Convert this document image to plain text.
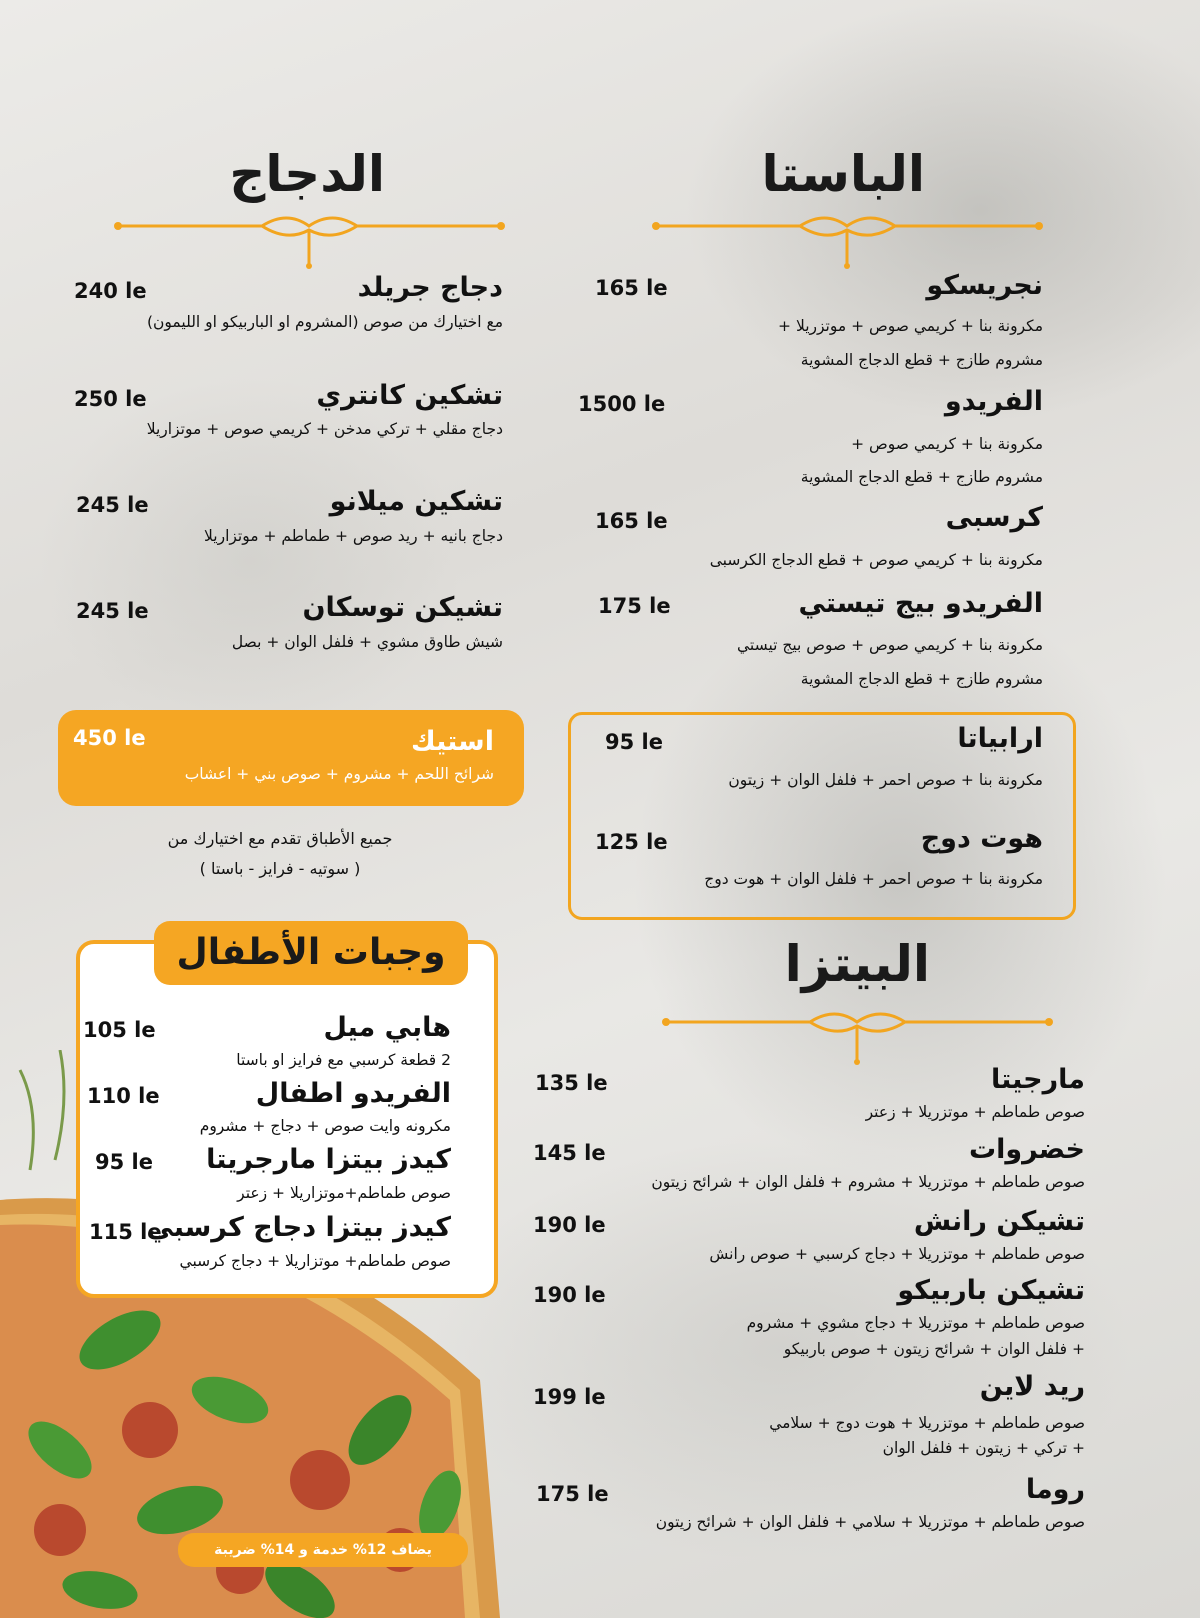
الباستا
نجريسكو
165 le
مكرونة بنا + كريمي صوص + موتزريلا +
مشروم طازج + قطع الدجاج المشوية
الفريدو
1500 le
مكرونة بنا + كريمي صوص +
مشروم طازج + قطع الدجاج المشوية
كرسبى
165 le
مكرونة بنا + كريمي صوص + قطع الدجاج الكرسبى
الفريدو بيج تيستي
175 le
مكرونة بنا + كريمي صوص + صوص بيج تيستي
مشروم طازج + قطع الدجاج المشوية
ارابياتا
95 le
مكرونة بنا + صوص احمر + فلفل الوان + زيتون
هوت دوج
125 le
مكرونة بنا + صوص احمر + فلفل الوان + هوت دوج
الدجاج
دجاج جريلد
240 le
مع اختيارك من صوص (المشروم او الباربيكو او الليمون)
تشكين كانتري
250 le
دجاج مقلي + تركي مدخن + كريمي صوص + موتزاريلا
تشكين ميلانو
245 le
دجاج بانيه + ريد صوص + طماطم + موتزاريلا
تشيكن توسكان
245 le
شيش طاوق مشوي + فلفل الوان + بصل
استيك
450 le
شرائح اللحم + مشروم + صوص بني + اعشاب
جميع الأطباق تقدم مع اختيارك من
( سوتيه - فرايز - باستا )
وجبات الأطفال
هابي ميل
105 le
2 قطعة كرسبي مع فرايز او باستا
الفريدو اطفال
110 le
مكرونه وايت صوص + دجاج + مشروم
كيدز بيتزا مارجريتا
95 le
صوص طماطم+موتزاريلا + زعتر
كيدز بيتزا دجاج كرسبي
115 le
صوص طماطم+ موتزاريلا + دجاج كرسبي
البيتزا
مارجيتا
135 le
صوص طماطم + موتزريلا + زعتر
خضروات
145 le
صوص طماطم + موتزريلا + مشروم + فلفل الوان + شرائح زيتون
تشيكن رانش
190 le
صوص طماطم + موتزريلا + دجاج كرسبي + صوص رانش
تشيكن باربيكو
190 le
صوص طماطم + موتزريلا + دجاج مشوي + مشروم
+ فلفل الوان + شرائح زيتون + صوص باربيكو
ريد لاين
199 le
صوص طماطم + موتزريلا + هوت دوج + سلامي
+ تركي + زيتون + فلفل الوان
روما
175 le
صوص طماطم + موتزريلا + سلامي + فلفل الوان + شرائح زيتون
يضاف 12% خدمة و 14% ضريبة
